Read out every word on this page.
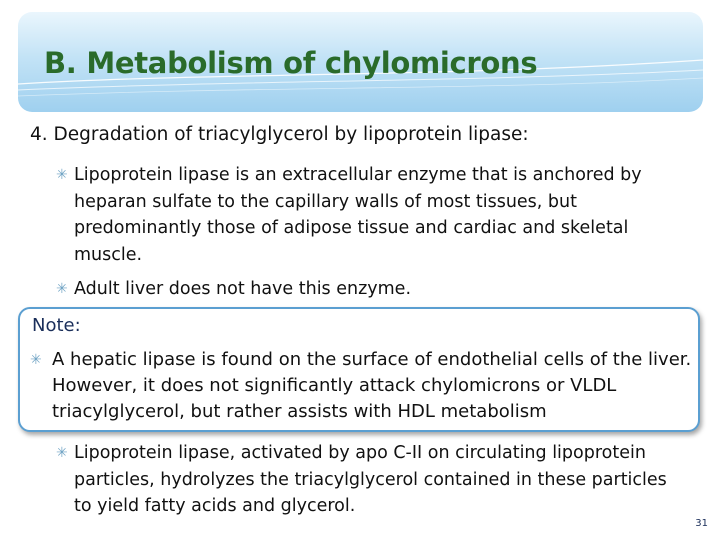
B. Metabolism of chylomicrons
4. Degradation of triacylglycerol by lipoprotein lipase:
✳ Lipoprotein lipase is an extracellular enzyme that is anchored by heparan sulfate to the capillary walls of most tissues, but predominantly those of adipose tissue and cardiac and skeletal muscle.
✳ Adult liver does not have this enzyme.
Note:
✳ A hepatic lipase is found on the surface of endothelial cells of the liver. However, it does not significantly attack chylomicrons or VLDL triacylglycerol, but rather assists with HDL metabolism
✳ Lipoprotein lipase, activated by apo C-II on circulating lipoprotein particles, hydrolyzes the triacylglycerol contained in these particles to yield fatty acids and glycerol.
31
